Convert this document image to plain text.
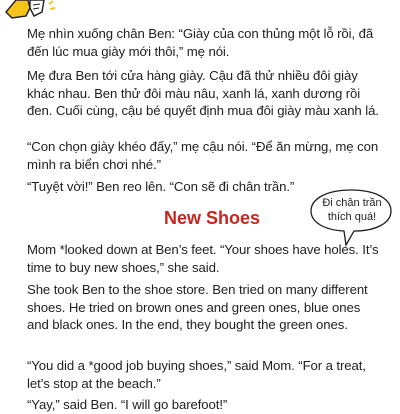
Mẹ nhìn xuống chân Ben: “Giày của con thủng một lỗ rồi, đã đến lúc mua giày mới thôi,” mẹ nói.

Mẹ đưa Ben tới cửa hàng giày. Cậu đã thử nhiều đôi giày khác nhau. Ben thử đôi màu nâu, xanh lá, xanh dương rồi đen. Cuối cùng, cậu bé quyết định mua đôi giày màu xanh lá.

“Con chọn giày khéo đấy,” mẹ cậu nói. “Để ăn mừng, mẹ con mình ra biển chơi nhé.”

“Tuyệt vời!” Ben reo lên. “Con sẽ đi chân trần.”

New Shoes
Đi chân trần thích quá!

Mom *looked down at Ben’s feet. “Your shoes have holes. It’s time to buy new shoes,” she said.

She took Ben to the shoe store. Ben tried on many different shoes. He tried on brown ones and green ones, blue ones and black ones. In the end, they bought the green ones.

“You did a *good job buying shoes,” said Mom. “For a treat, let’s stop at the beach.”

“Yay,” said Ben. “I will go barefoot!”
